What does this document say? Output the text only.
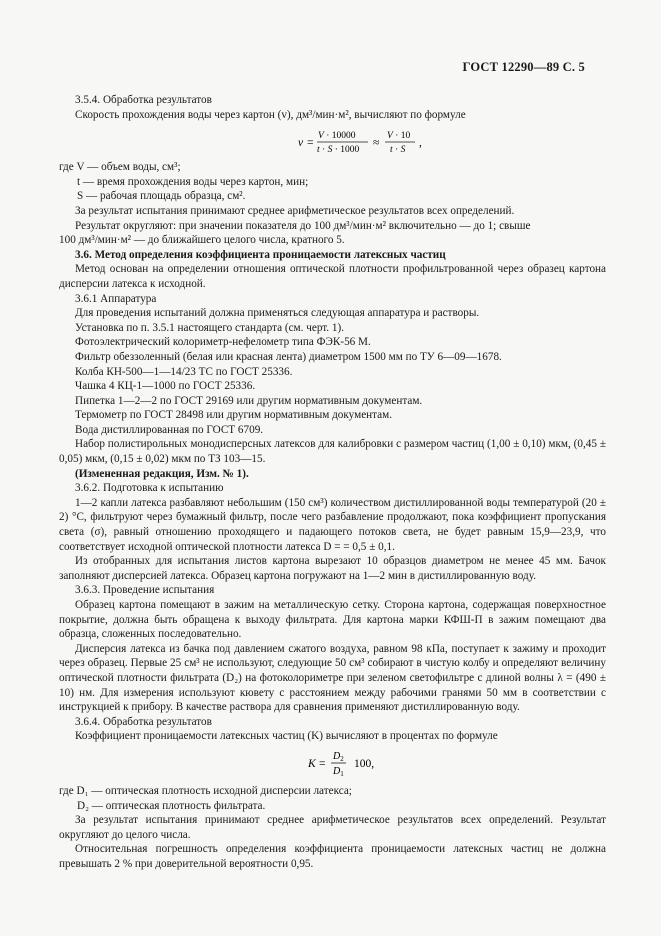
ГОСТ 12290—89 С. 5

3.5.4. Обработка результатов

Скорость прохождения воды через картон (v), дм³/мин·м², вычисляют по формуле

v =
V · 10000
t · S · 1000
≈
V · 10
t · S
,

где V — объем воды, см³;

t — время прохождения воды через картон, мин;

S — рабочая площадь образца, см².

За результат испытания принимают среднее арифметическое результатов всех определений.

Результат округляют: при значении показателя до 100 дм³/мин·м² включительно — до 1; свыше

100 дм³/мин·м² — до ближайшего целого числа, кратного 5.

3.6. Метод определения коэффициента проницаемости латексных частиц

Метод основан на определении отношения оптической плотности профильтрованной через образец картона дисперсии латекса к исходной.

3.6.1 Аппаратура

Для проведения испытаний должна применяться следующая аппаратура и растворы.

Установка по п. 3.5.1 настоящего стандарта (см. черт. 1).

Фотоэлектрический колориметр-нефелометр типа ФЭК-56 М.

Фильтр обеззоленный (белая или красная лента) диаметром 1500 мм по ТУ 6—09—1678.

Колба КН-500—1—14/23 ТС по ГОСТ 25336.

Чашка 4 КЦ-1—1000 по ГОСТ 25336.

Пипетка 1—2—2 по ГОСТ 29169 или другим нормативным документам.

Термометр по ГОСТ 28498 или другим нормативным документам.

Вода дистиллированная по ГОСТ 6709.

Набор полистирольных монодисперсных латексов для калибровки с размером частиц (1,00 ± 0,10) мкм, (0,45 ± 0,05) мкм, (0,15 ± 0,02) мкм по ТЗ 103—15.

(Измененная редакция, Изм. № 1).

3.6.2. Подготовка к испытанию

1—2 капли латекса разбавляют небольшим (150 см³) количеством дистиллированной воды температурой (20 ± 2) °С, фильтруют через бумажный фильтр, после чего разбавление продолжают, пока коэффициент пропускания света (σ), равный отношению проходящего и падающего потоков света, не будет равным 15,9—23,9, что соответствует исходной оптической плотности латекса D = = 0,5 ± 0,1.

Из отобранных для испытания листов картона вырезают 10 образцов диаметром не менее 45 мм. Бачок заполняют дисперсией латекса. Образец картона погружают на 1—2 мин в дистиллированную воду.

3.6.3. Проведение испытания

Образец картона помещают в зажим на металлическую сетку. Сторона картона, содержащая поверхностное покрытие, должна быть обращена к выходу фильтрата. Для картона марки КФШ-П в зажим помещают два образца, сложенных последовательно.

Дисперсия латекса из бачка под давлением сжатого воздуха, равном 98 кПа, поступает к зажиму и проходит через образец. Первые 25 см³ не используют, следующие 50 см³ собирают в чистую колбу и определяют величину оптической плотности фильтрата (D₂) на фотоколориметре при зеленом светофильтре с длиной волны λ = (490 ± 10) нм. Для измерения используют кювету с расстоянием между рабочими гранями 50 мм в соответствии с инструкцией к прибору. В качестве раствора для сравнения применяют дистиллированную воду.

3.6.4. Обработка результатов

Коэффициент проницаемости латексных частиц (K) вычисляют в процентах по формуле

K =
$D_2$
$D_1$
100,

где D₁ — оптическая плотность исходной дисперсии латекса;

D₂ — оптическая плотность фильтрата.

За результат испытания принимают среднее арифметическое результатов всех определений. Результат округляют до целого числа.

Относительная погрешность определения коэффициента проницаемости латексных частиц не должна превышать 2 % при доверительной вероятности 0,95.
